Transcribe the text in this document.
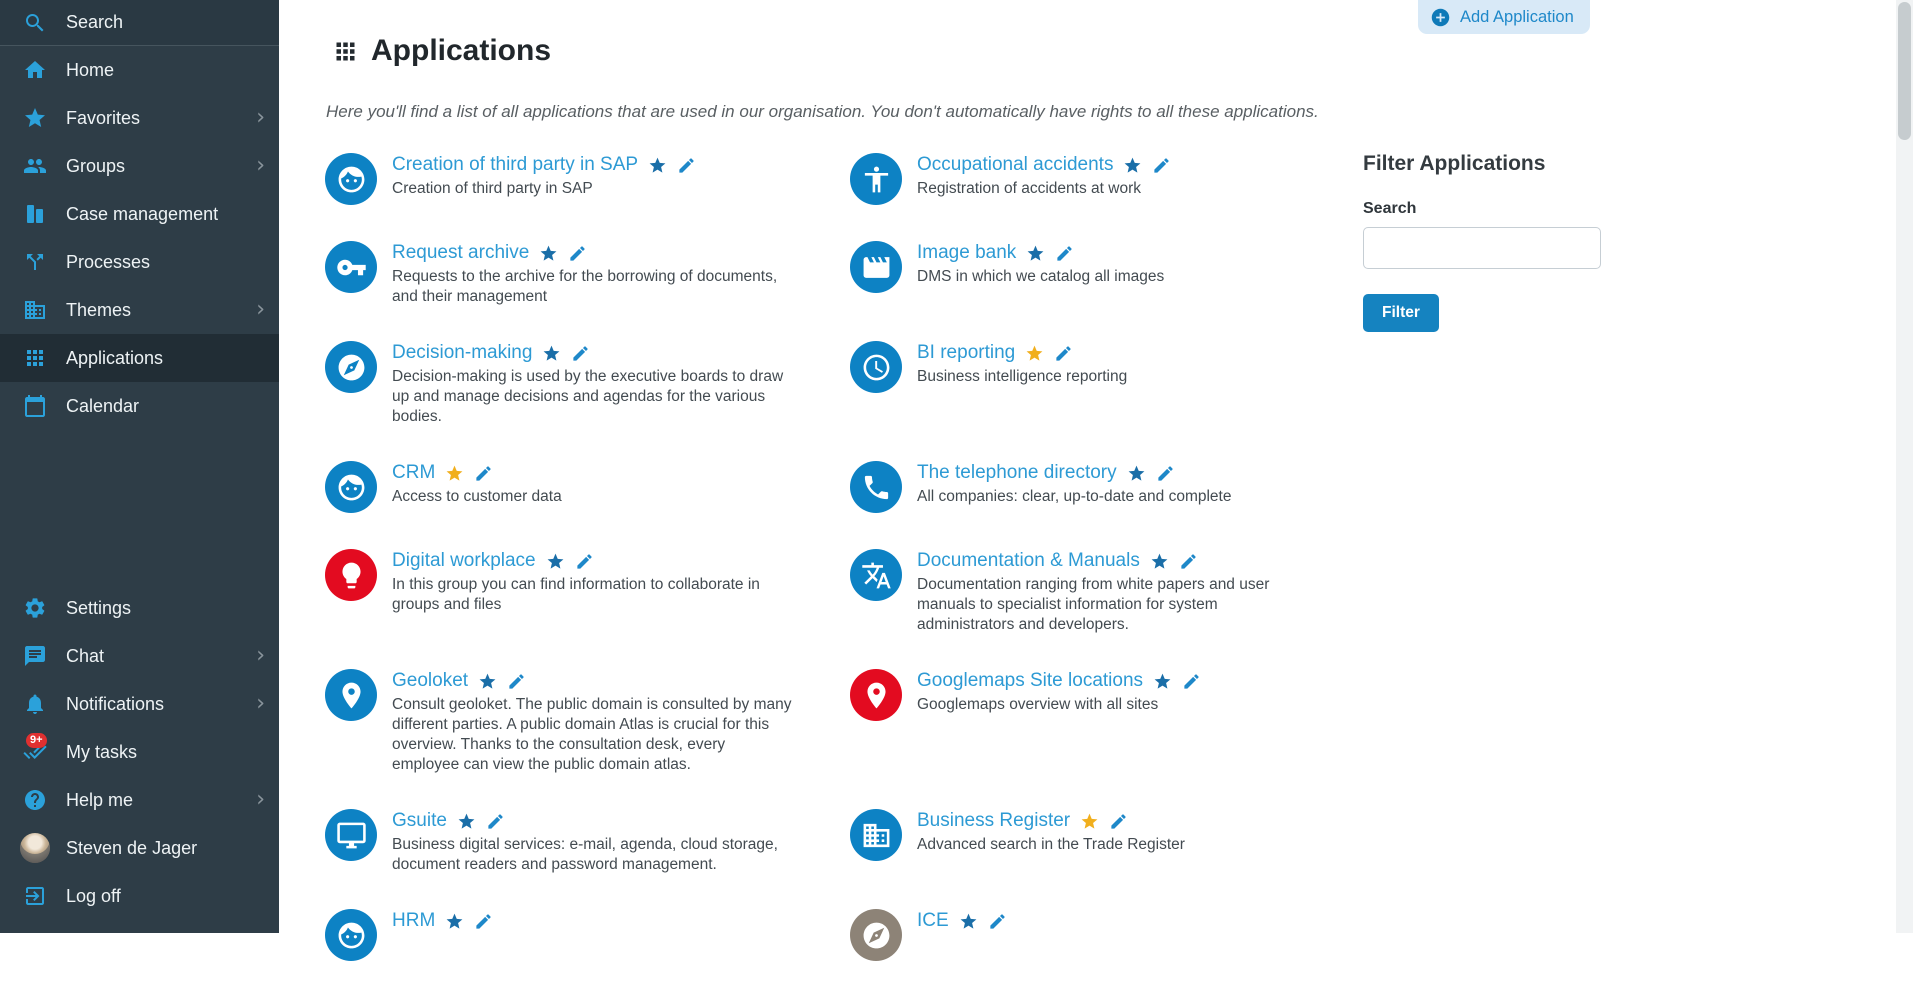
Search
Home
Favorites	›
Groups	›
Case management
Processes
Themes	›
Applications
Calendar
Settings
Chat	›
Notifications	›
My tasks
9+
Help me	›
Steven de Jager
Log off
Applications
Here you'll find a list of all applications that are used in our organisation. You don't automatically have rights to all these applications.
Add Application
Creation of third party in SAP
Creation of third party in SAP
Occupational accidents
Registration of accidents at work
Request archive
Requests to the archive for the borrowing of documents, and their management
Image bank
DMS in which we catalog all images
Decision-making
Decision-making is used by the executive boards to draw up and manage decisions and agendas for the various bodies.
BI reporting
Business intelligence reporting
CRM
Access to customer data
The telephone directory
All companies: clear, up-to-date and complete
Digital workplace
In this group you can find information to collaborate in groups and files
Documentation & Manuals
Documentation ranging from white papers and user manuals to specialist information for system administrators and developers.
Geoloket
Consult geoloket. The public domain is consulted by many different parties. A public domain Atlas is crucial for this overview. Thanks to the consultation desk, every employee can view the public domain atlas.
Googlemaps Site locations
Googlemaps overview with all sites
Gsuite
Business digital services: e-mail, agenda, cloud storage, document readers and password management.
Business Register
Advanced search in the Trade Register
HRM	ICE
Filter Applications
Search

Filter
